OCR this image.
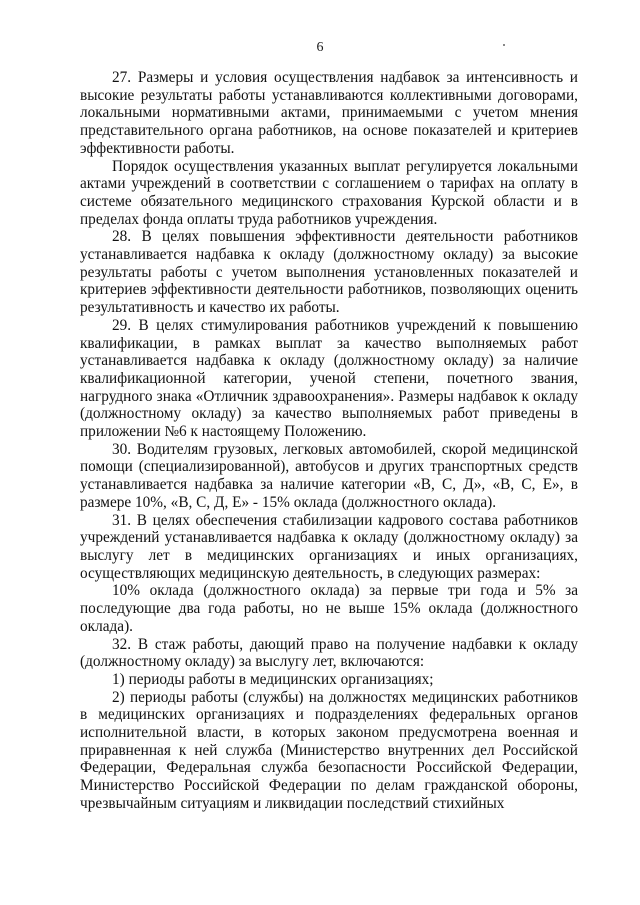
6

27. Размеры и условия осуществления надбавок за интенсивность и высокие результаты работы устанавливаются коллективными договорами, локальными нормативными актами, принимаемыми с учетом мнения представительного органа работников, на основе показателей и критериев эффективности работы.

Порядок осуществления указанных выплат регулируется локальными актами учреждений в соответствии с соглашением о тарифах на оплату в системе обязательного медицинского страхования Курской области и в пределах фонда оплаты труда работников учреждения.

28. В целях повышения эффективности деятельности работников устанавливается надбавка к окладу (должностному окладу) за высокие результаты работы с учетом выполнения установленных показателей и критериев эффективности деятельности работников, позволяющих оценить результативность и качество их работы.

29. В целях стимулирования работников учреждений к повышению квалификации, в рамках выплат за качество выполняемых работ устанавливается надбавка к окладу (должностному окладу) за наличие квалификационной категории, ученой степени, почетного звания, нагрудного знака «Отличник здравоохранения». Размеры надбавок к окладу (должностному окладу) за качество выполняемых работ приведены в приложении №6 к настоящему Положению.

30. Водителям грузовых, легковых автомобилей, скорой медицинской помощи (специализированной), автобусов и других транспортных средств устанавливается надбавка за наличие категории «В, С, Д», «В, С, Е», в размере 10%, «В, С, Д, Е» - 15% оклада (должностного оклада).

31. В целях обеспечения стабилизации кадрового состава работников учреждений устанавливается надбавка к окладу (должностному окладу) за выслугу лет в медицинских организациях и иных организациях, осуществляющих медицинскую деятельность, в следующих размерах:

10% оклада (должностного оклада) за первые три года и 5% за последующие два года работы, но не выше 15% оклада (должностного оклада).

32. В стаж работы, дающий право на получение надбавки к окладу (должностному окладу) за выслугу лет, включаются:

1) периоды работы в медицинских организациях;

2) периоды работы (службы) на должностях медицинских работников в медицинских организациях и подразделениях федеральных органов исполнительной власти, в которых законом предусмотрена военная и приравненная к ней служба (Министерство внутренних дел Российской Федерации, Федеральная служба безопасности Российской Федерации, Министерство Российской Федерации по делам гражданской обороны, чрезвычайным ситуациям и ликвидации последствий стихийных
